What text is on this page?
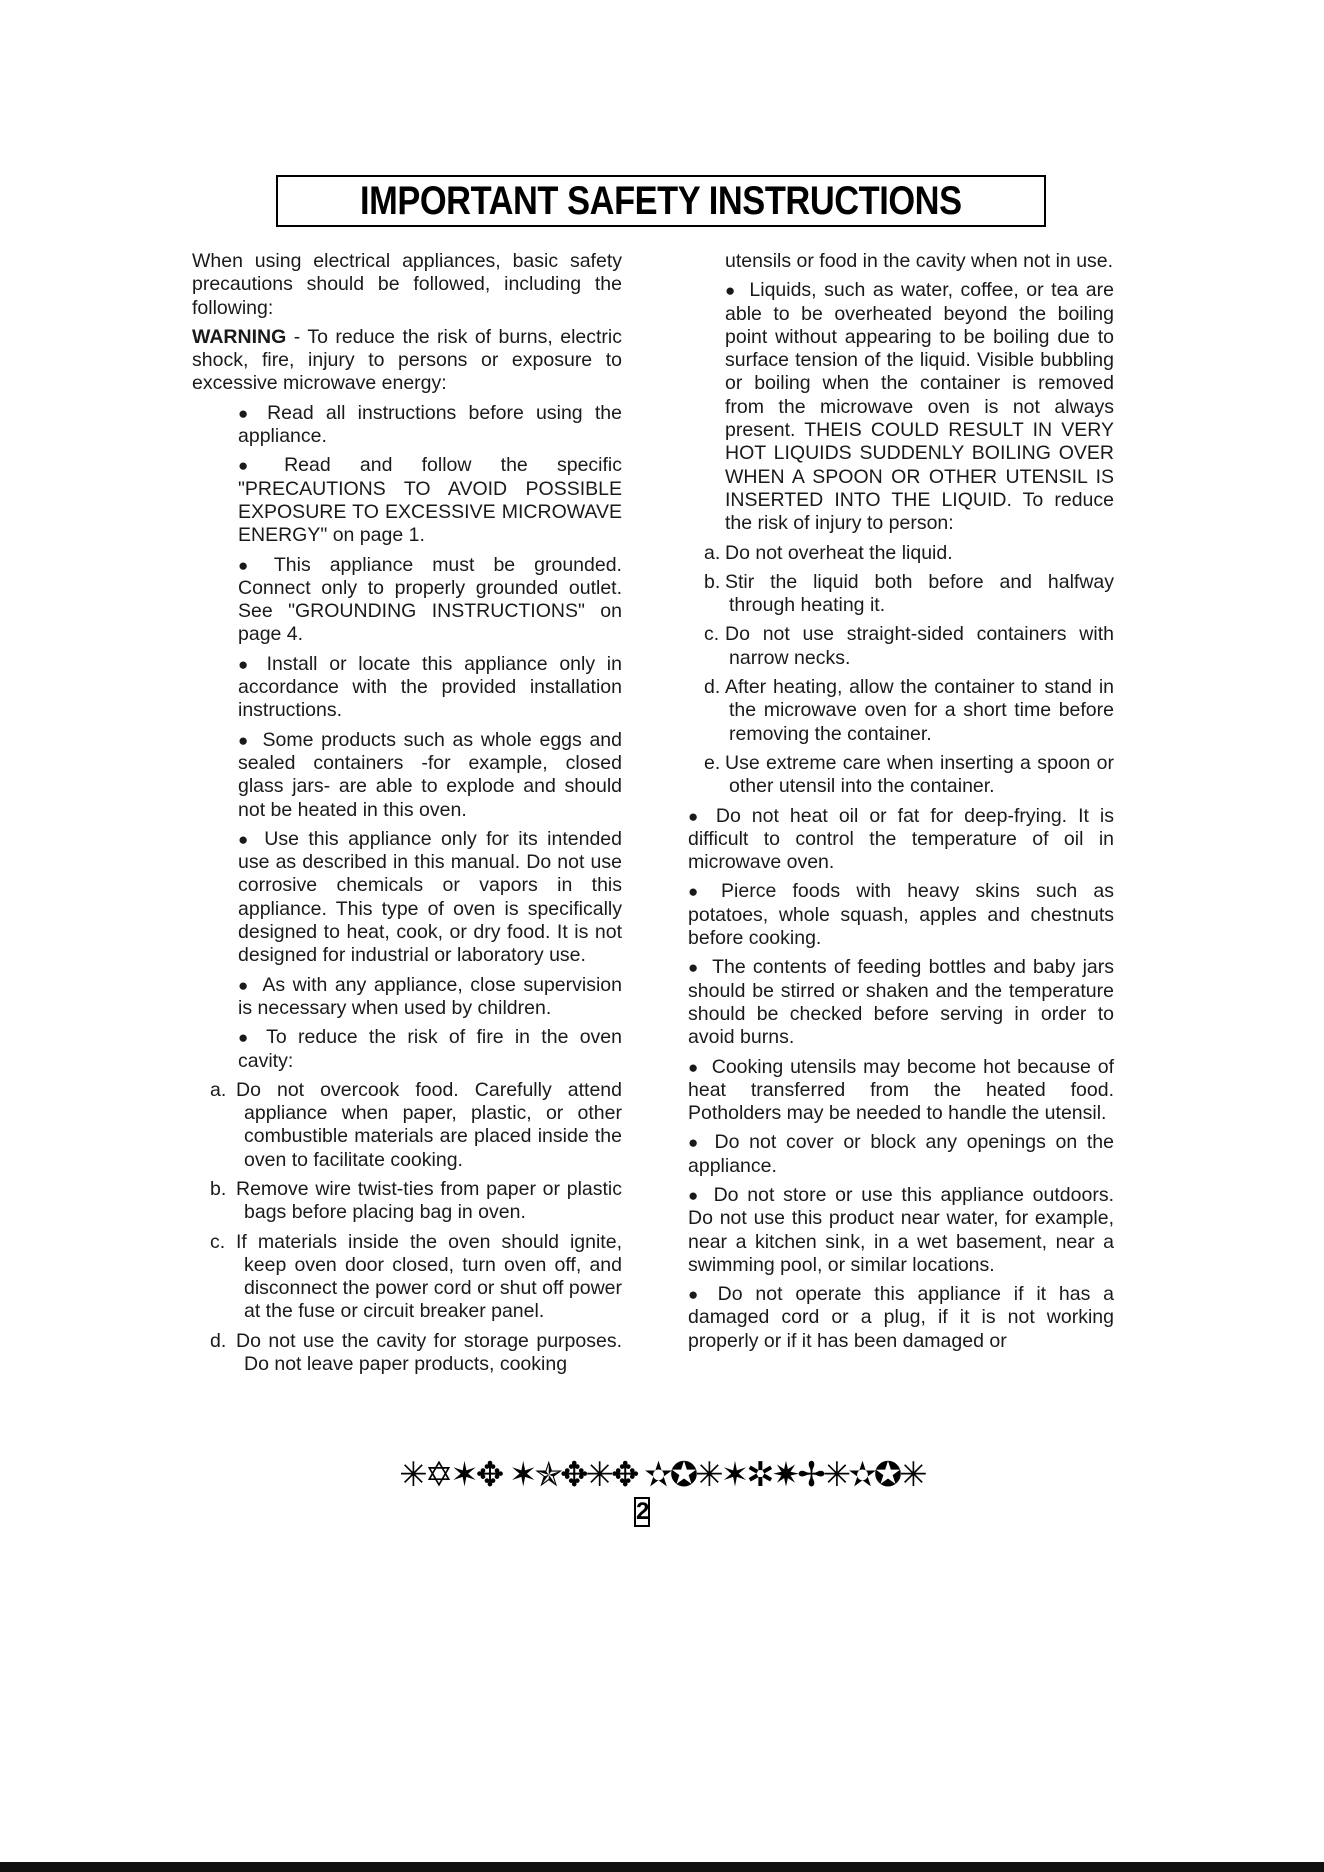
IMPORTANT SAFETY INSTRUCTIONS

When using electrical appliances, basic safety precautions should be followed, including the following:

WARNING - To reduce the risk of burns, electric shock, fire, injury to persons or exposure to excessive microwave energy:

● Read all instructions before using the appliance.

● Read and follow the specific "PRECAUTIONS TO AVOID POSSIBLE EXPOSURE TO EXCESSIVE MICROWAVE ENERGY" on page 1.

● This appliance must be grounded. Connect only to properly grounded outlet. See "GROUNDING INSTRUCTIONS" on page 4.

● Install or locate this appliance only in accordance with the provided installation instructions.

● Some products such as whole eggs and sealed containers -for example, closed glass jars- are able to explode and should not be heated in this oven.

● Use this appliance only for its intended use as described in this manual. Do not use corrosive chemicals or vapors in this appliance. This type of oven is specifically designed to heat, cook, or dry food. It is not designed for industrial or laboratory use.

● As with any appliance, close supervision is necessary when used by children.

● To reduce the risk of fire in the oven cavity:

a. Do not overcook food. Carefully attend appliance when paper, plastic, or other combustible materials are placed inside the oven to facilitate cooking.

b. Remove wire twist-ties from paper or plastic bags before placing bag in oven.

c. If materials inside the oven should ignite, keep oven door closed, turn oven off, and disconnect the power cord or shut off power at the fuse or circuit breaker panel.

d. Do not use the cavity for storage purposes. Do not leave paper products, cooking

utensils or food in the cavity when not in use.

● Liquids, such as water, coffee, or tea are able to be overheated beyond the boiling point without appearing to be boiling due to surface tension of the liquid. Visible bubbling or boiling when the container is removed from the microwave oven is not always present. THEIS COULD RESULT IN VERY HOT LIQUIDS SUDDENLY BOILING OVER WHEN A SPOON OR OTHER UTENSIL IS INSERTED INTO THE LIQUID. To reduce the risk of injury to person:

a. Do not overheat the liquid.

b. Stir the liquid both before and halfway through heating it.

c. Do not use straight-sided containers with narrow necks.

d. After heating, allow the container to stand in the microwave oven for a short time before removing the container.

e. Use extreme care when inserting a spoon or other utensil into the container.

● Do not heat oil or fat for deep-frying. It is difficult to control the temperature of oil in microwave oven.

● Pierce foods with heavy skins such as potatoes, whole squash, apples and chestnuts before cooking.

● The contents of feeding bottles and baby jars should be stirred or shaken and the temperature should be checked before serving in order to avoid burns.

● Cooking utensils may become hot because of heat transferred from the heated food. Potholders may be needed to handle the utensil.

● Do not cover or block any openings on the appliance.

● Do not store or use this appliance outdoors. Do not use this product near water, for example, near a kitchen sink, in a wet basement, near a swimming pool, or similar locations.

● Do not operate this appliance if it has a damaged cord or a plug, if it is not working properly or if it has been damaged or

✳✡✶✥ ✶✯✥✳✥ ✫✪✳✶✲✷✢✳✫✪✳
2
